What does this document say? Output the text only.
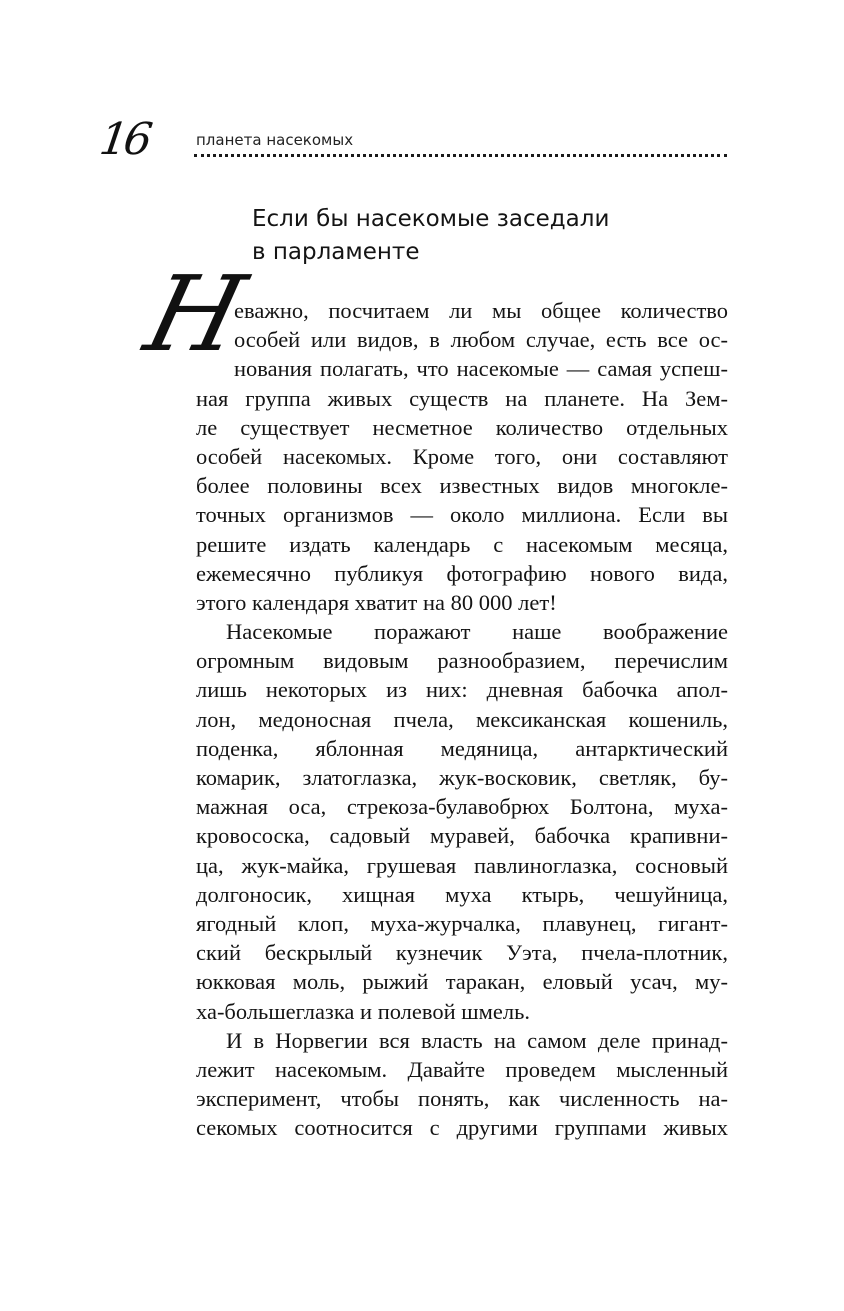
16	планета насекомых
Если бы насекомые заседали
в парламенте
Н
еважно, посчитаем ли мы общее количество
особей или видов, в любом случае, есть все ос-
нования полагать, что насекомые — самая успеш-
ная группа живых существ на планете. На Зем-
ле существует несметное количество отдельных
особей насекомых. Кроме того, они составляют
более половины всех известных видов многокле-
точных организмов — около миллиона. Если вы
решите издать календарь с насекомым месяца,
ежемесячно публикуя фотографию нового вида,
этого календаря хватит на 80 000 лет!
Насекомые поражают наше воображение
огромным видовым разнообразием, перечислим
лишь некоторых из них: дневная бабочка апол-
лон, медоносная пчела, мексиканская кошениль,
поденка, яблонная медяница, антарктический
комарик, златоглазка, жук-восковик, светляк, бу-
мажная оса, стрекоза-булавобрюх Болтона, муха-
кровососка, садовый муравей, бабочка крапивни-
ца, жук-майка, грушевая павлиноглазка, сосновый
долгоносик, хищная муха ктырь, чешуйница,
ягодный клоп, муха-журчалка, плавунец, гигант-
ский бескрылый кузнечик Уэта, пчела-плотник,
юкковая моль, рыжий таракан, еловый усач, му-
ха-большеглазка и полевой шмель.
И в Норвегии вся власть на самом деле принад-
лежит насекомым. Давайте проведем мысленный
эксперимент, чтобы понять, как численность на-
секомых соотносится с другими группами живых
